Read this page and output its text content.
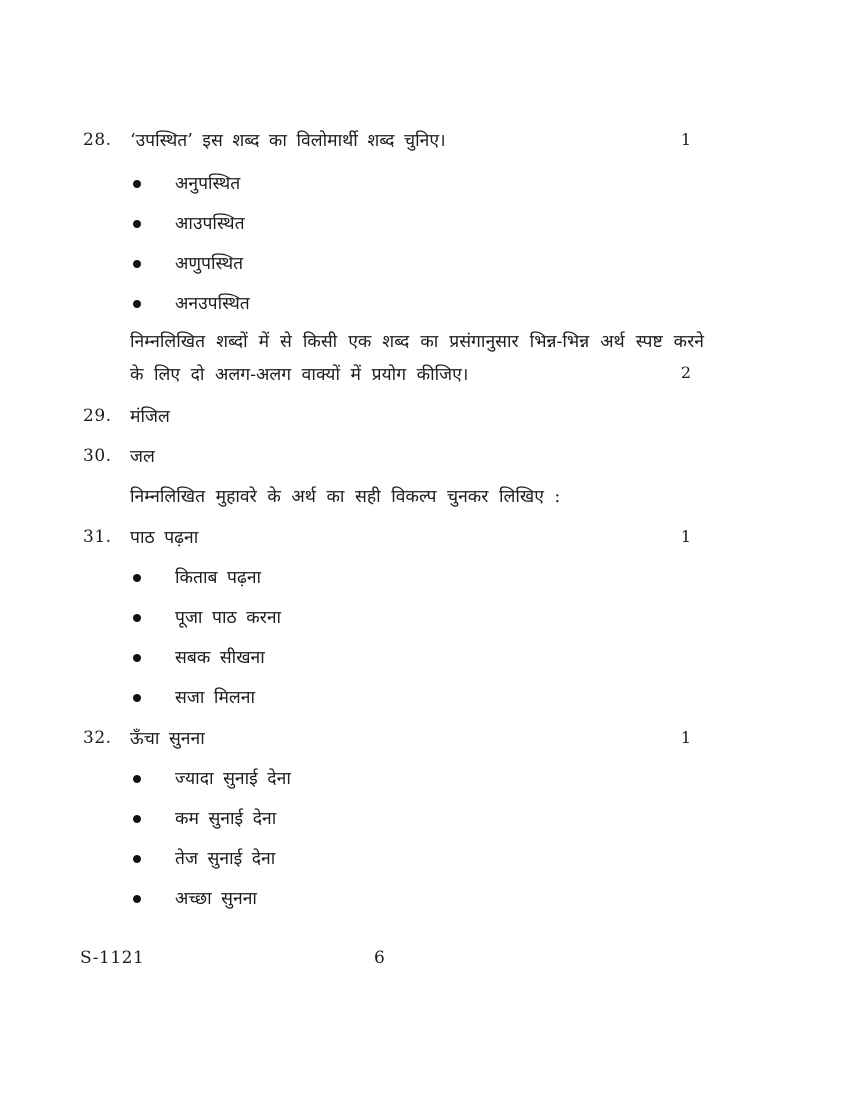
28. ‘उपस्थित’ इस शब्द का विलोमार्थी शब्द चुनिए।	1
अनुपस्थित
आउपस्थित
अणुपस्थित
अनउपस्थित
निम्नलिखित शब्दों में से किसी एक शब्द का प्रसंगानुसार भिन्न-भिन्न अर्थ स्पष्ट करने के लिए दो अलग-अलग वाक्यों में प्रयोग कीजिए।	2
29. मंजिल
30. जल
निम्नलिखित मुहावरे के अर्थ का सही विकल्प चुनकर लिखिए :
31. पाठ पढ़ना	1
किताब पढ़ना
पूजा पाठ करना
सबक सीखना
सजा मिलना
32. ऊँचा सुनना	1
ज्यादा सुनाई देना
कम सुनाई देना
तेज सुनाई देना
अच्छा सुनना
S-1121	6
